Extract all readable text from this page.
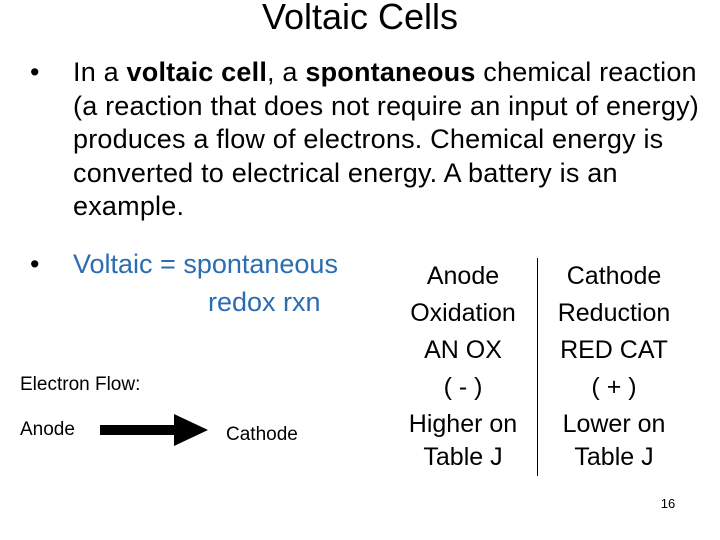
Voltaic Cells
• In a voltaic cell, a spontaneous chemical reaction (a reaction that does not require an input of energy) produces a flow of electrons. Chemical energy is converted to electrical energy. A battery is an example.
• Voltaic = spontaneous
redox rxn
Electron Flow:
Anode	Cathode
Anode	Cathode
Oxidation	Reduction
AN OX	RED CAT
( - )	( + )
Higher on Table J	Lower on Table J
16
